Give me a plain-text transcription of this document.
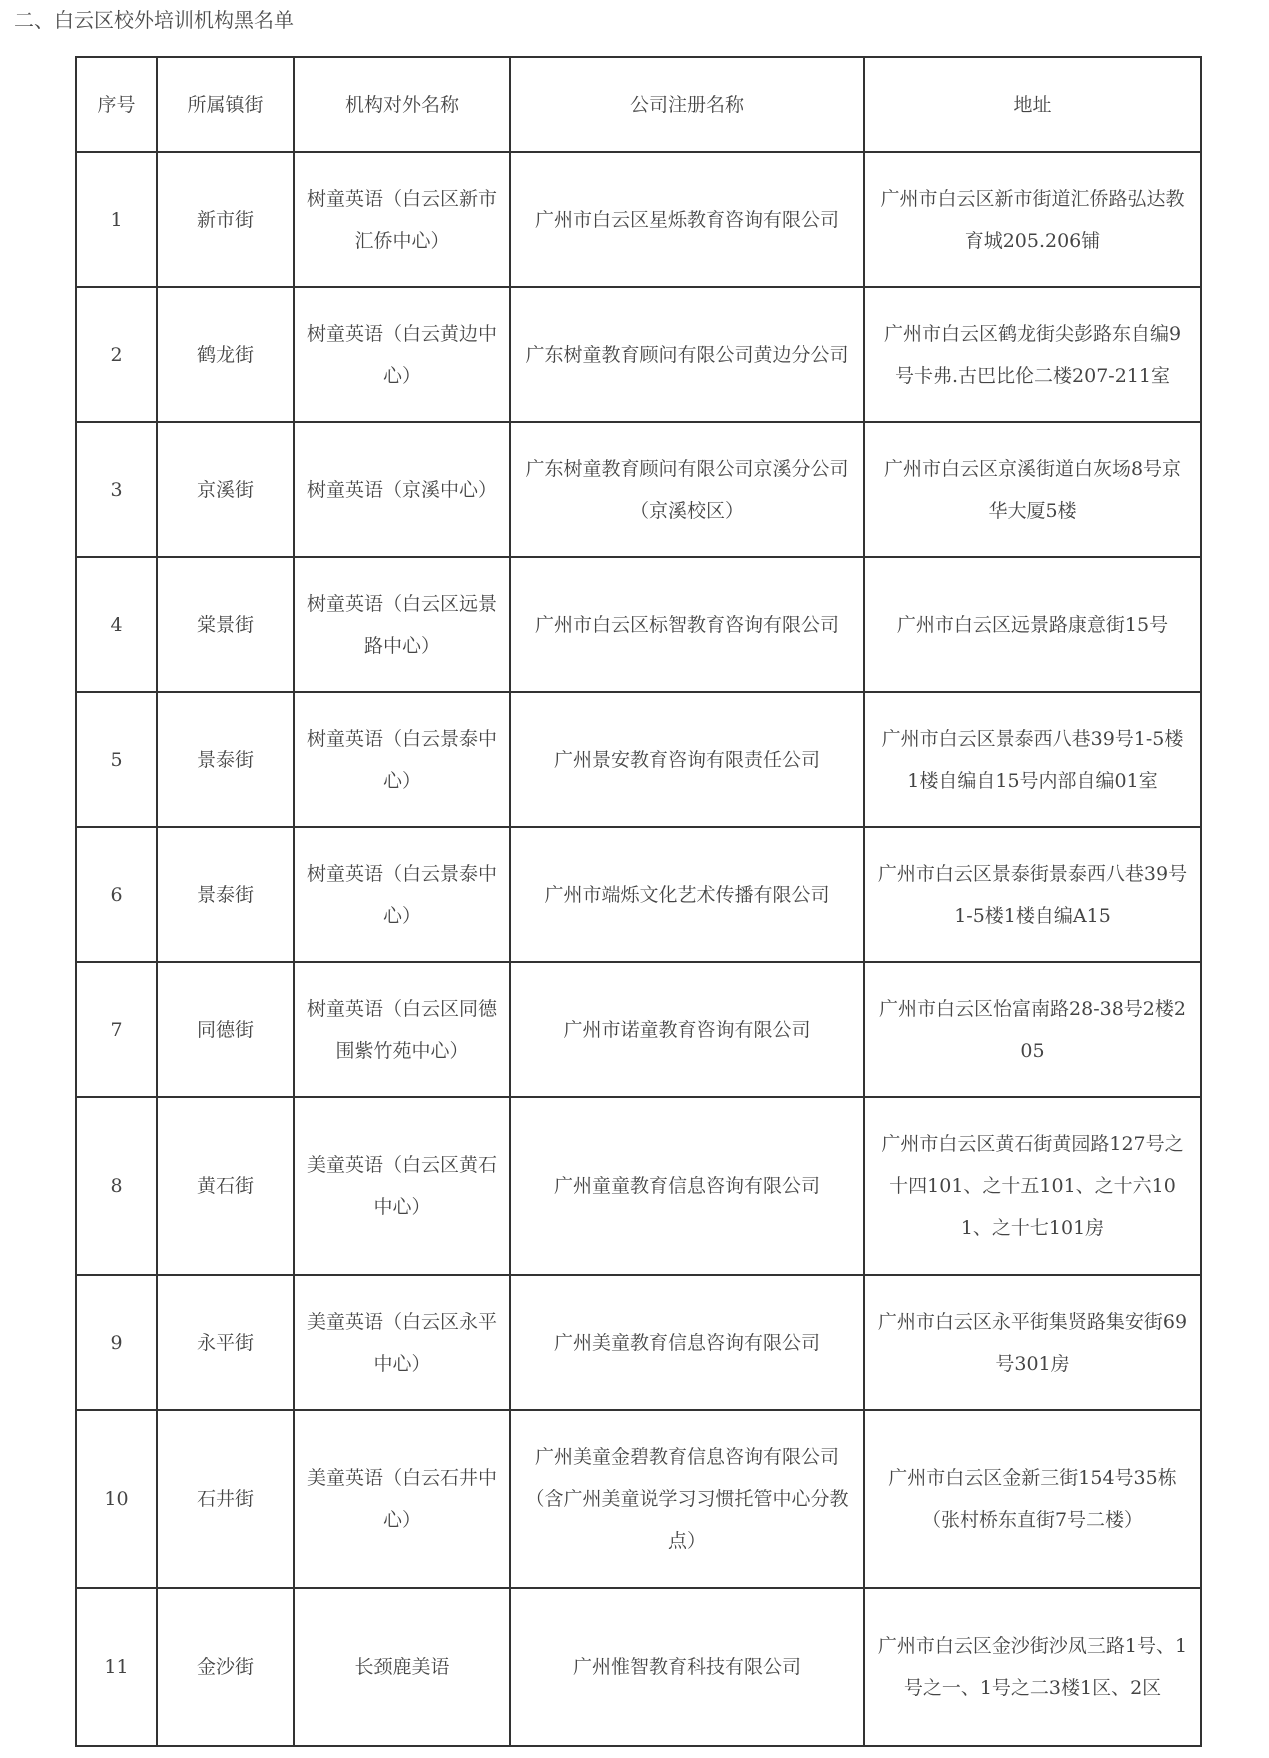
二、白云区校外培训机构黑名单
序号	所属镇街	机构对外名称	公司注册名称	地址
1	新市街	树童英语（白云区新市汇侨中心）	广州市白云区星烁教育咨询有限公司	广州市白云区新市街道汇侨路弘达教育城205.206铺
2	鹤龙街	树童英语（白云黄边中心）	广东树童教育顾问有限公司黄边分公司	广州市白云区鹤龙街尖彭路东自编9号卡弗.古巴比伦二楼207-211室
3	京溪街	树童英语（京溪中心）	广东树童教育顾问有限公司京溪分公司（京溪校区）	广州市白云区京溪街道白灰场8号京华大厦5楼
4	棠景街	树童英语（白云区远景路中心）	广州市白云区标智教育咨询有限公司	广州市白云区远景路康意街15号
5	景泰街	树童英语（白云景泰中心）	广州景安教育咨询有限责任公司	广州市白云区景泰西八巷39号1-5楼1楼自编自15号内部自编01室
6	景泰街	树童英语（白云景泰中心）	广州市端烁文化艺术传播有限公司	广州市白云区景泰街景泰西八巷39号1-5楼1楼自编A15
7	同德街	树童英语（白云区同德围紫竹苑中心）	广州市诺童教育咨询有限公司	广州市白云区怡富南路28-38号2楼205
8	黄石街	美童英语（白云区黄石中心）	广州童童教育信息咨询有限公司	广州市白云区黄石街黄园路127号之十四101、之十五101、之十六101、之十七101房
9	永平街	美童英语（白云区永平中心）	广州美童教育信息咨询有限公司	广州市白云区永平街集贤路集安街69号301房
10	石井街	美童英语（白云石井中心）	广州美童金碧教育信息咨询有限公司（含广州美童说学习习惯托管中心分教点）	广州市白云区金新三街154号35栋（张村桥东直街7号二楼）
11	金沙街	长颈鹿美语	广州惟智教育科技有限公司	广州市白云区金沙街沙凤三路1号、1号之一、1号之二3楼1区、2区
